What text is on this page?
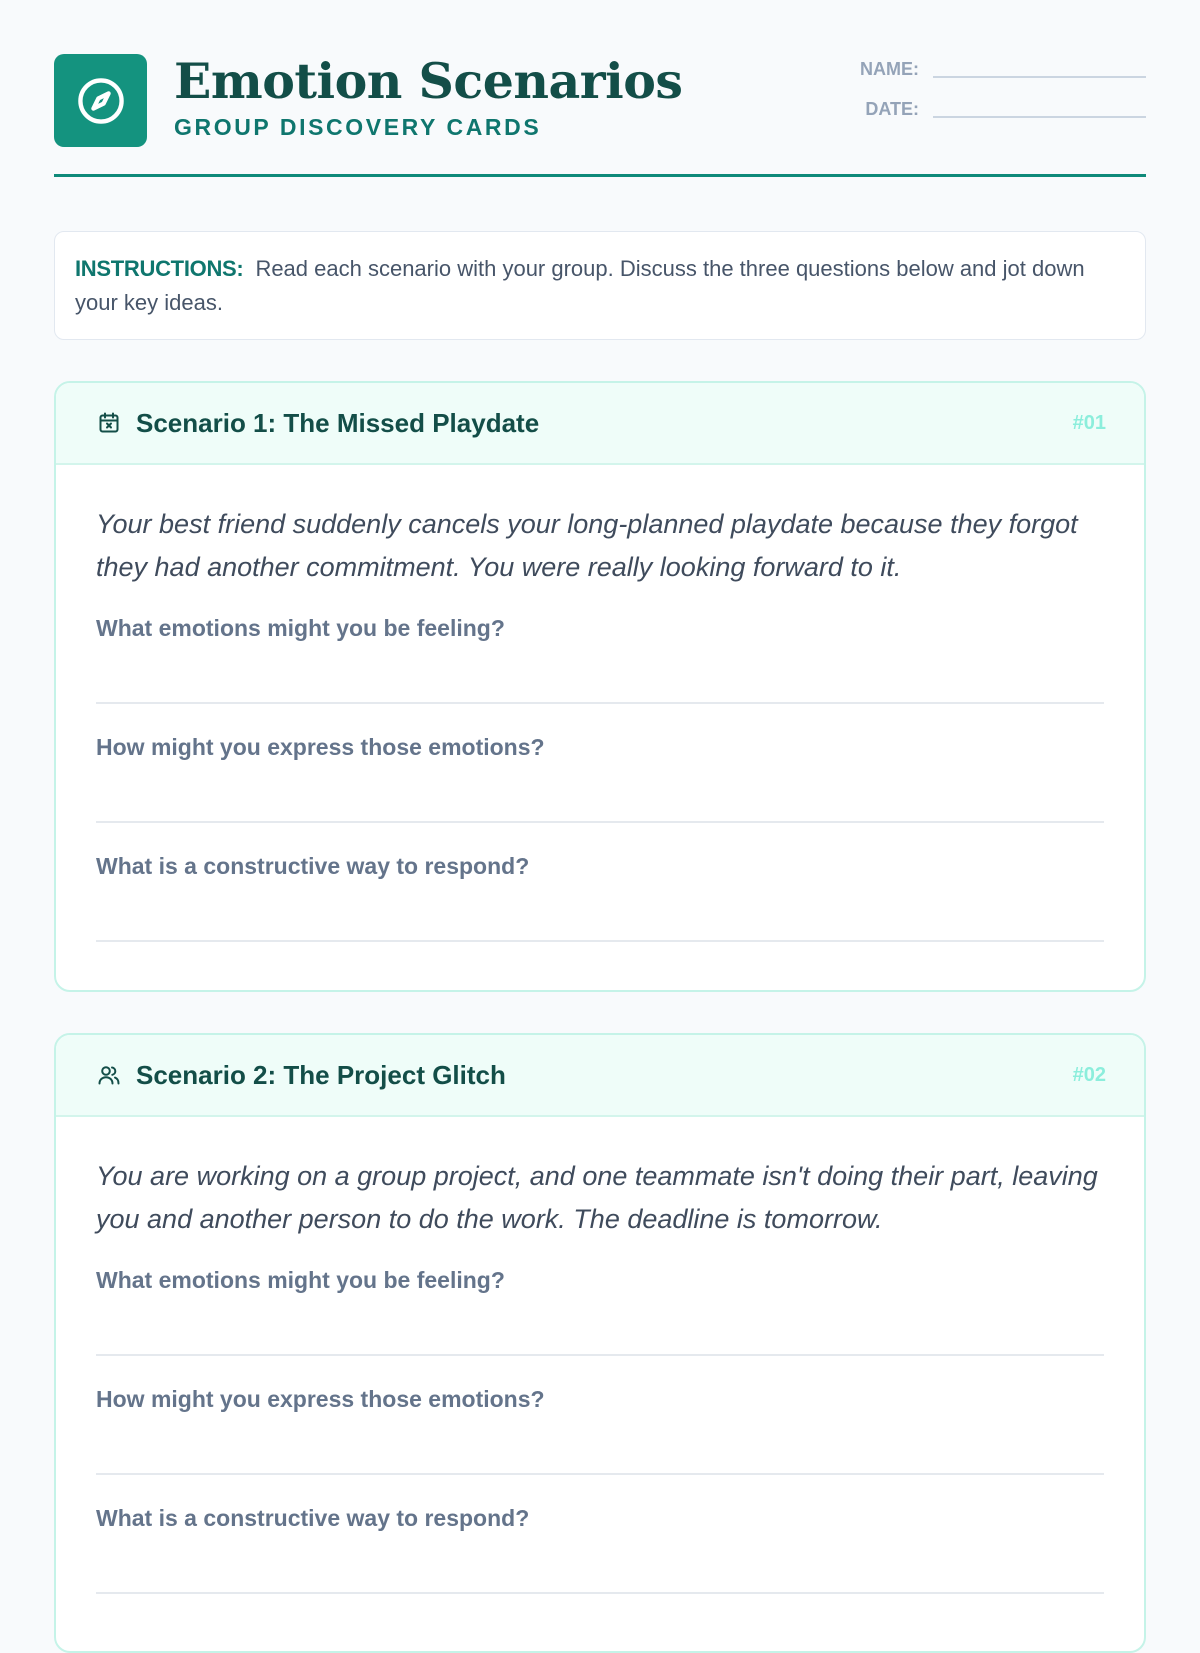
Emotion Scenarios
GROUP DISCOVERY CARDS
NAME:
DATE:
INSTRUCTIONS: Read each scenario with your group. Discuss the three questions below and jot down your key ideas.
Scenario 1: The Missed Playdate	#01

Your best friend suddenly cancels your long-planned playdate because they forgot they had another commitment. You were really looking forward to it.

What emotions might you be feeling?
How might you express those emotions?
What is a constructive way to respond?
Scenario 2: The Project Glitch	#02

You are working on a group project, and one teammate isn't doing their part, leaving you and another person to do the work. The deadline is tomorrow.

What emotions might you be feeling?
How might you express those emotions?
What is a constructive way to respond?
